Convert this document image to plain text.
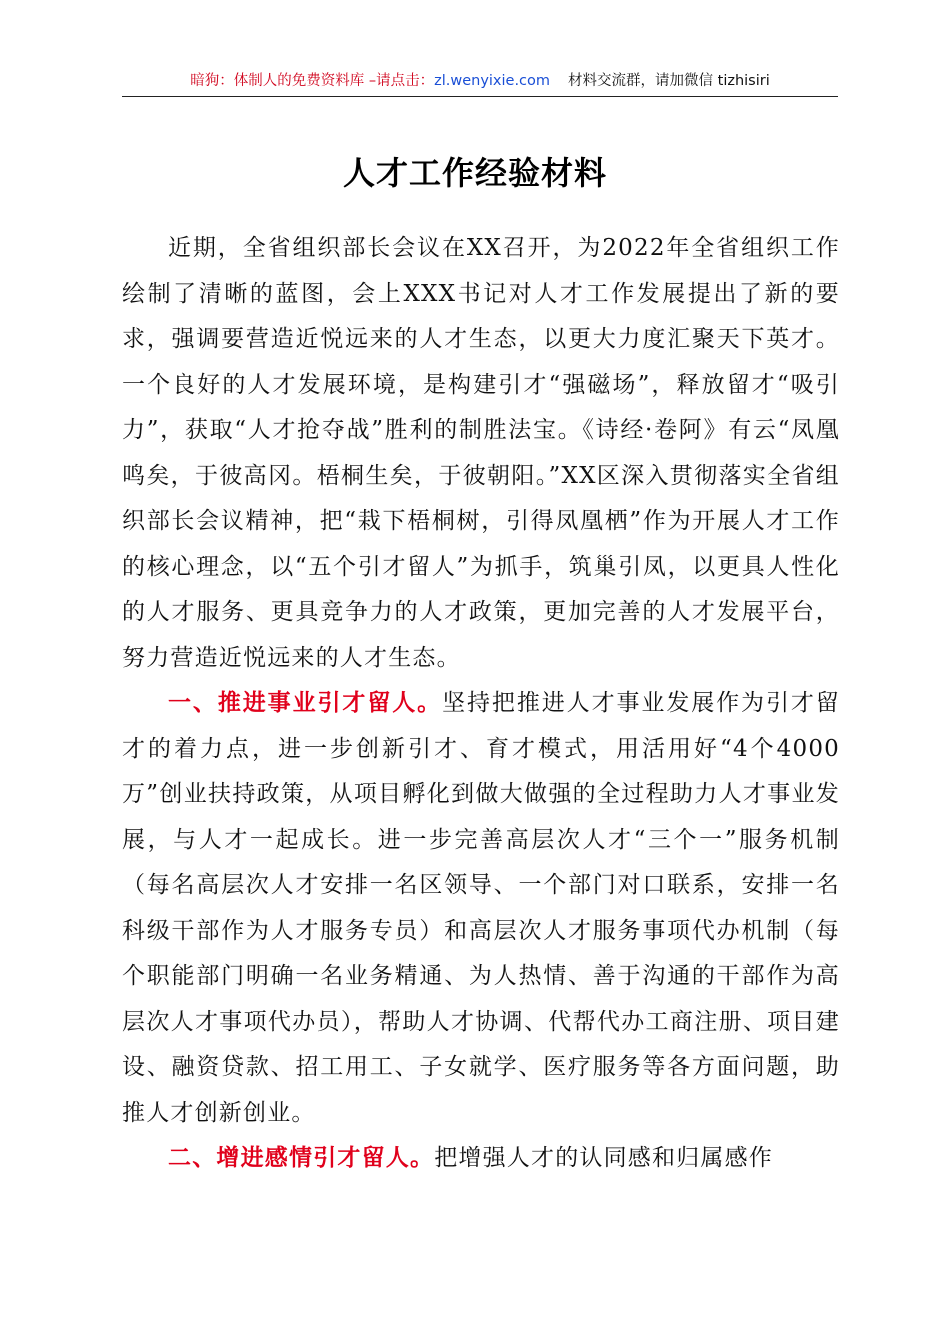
暗狗：体制人的免费资料库 –请点击：zl.wenyixie.com 材料交流群，请加微信 tizhisiri
人才工作经验材料

近期，全省组织部长会议在XX召开，为2022年全省组织工作绘制了清晰的蓝图，会上XXX书记对人才工作发展提出了新的要求，强调要营造近悦远来的人才生态，以更大力度汇聚天下英才。一个良好的人才发展环境，是构建引才“强磁场”，释放留才“吸引力”，获取“人才抢夺战”胜利的制胜法宝。《诗经·卷阿》有云“凤凰鸣矣，于彼高冈。梧桐生矣，于彼朝阳。”XX区深入贯彻落实全省组织部长会议精神，把“栽下梧桐树，引得凤凰栖”作为开展人才工作的核心理念，以“五个引才留人”为抓手，筑巢引凤，以更具人性化的人才服务、更具竞争力的人才政策，更加完善的人才发展平台，努力营造近悦远来的人才生态。

一、推进事业引才留人。坚持把推进人才事业发展作为引才留才的着力点，进一步创新引才、育才模式，用活用好“4个4000万”创业扶持政策，从项目孵化到做大做强的全过程助力人才事业发展，与人才一起成长。进一步完善高层次人才“三个一”服务机制（每名高层次人才安排一名区领导、一个部门对口联系，安排一名科级干部作为人才服务专员）和高层次人才服务事项代办机制（每个职能部门明确一名业务精通、为人热情、善于沟通的干部作为高层次人才事项代办员），帮助人才协调、代帮代办工商注册、项目建设、融资贷款、招工用工、子女就学、医疗服务等各方面问题，助推人才创新创业。

二、增进感情引才留人。把增强人才的认同感和归属感作
